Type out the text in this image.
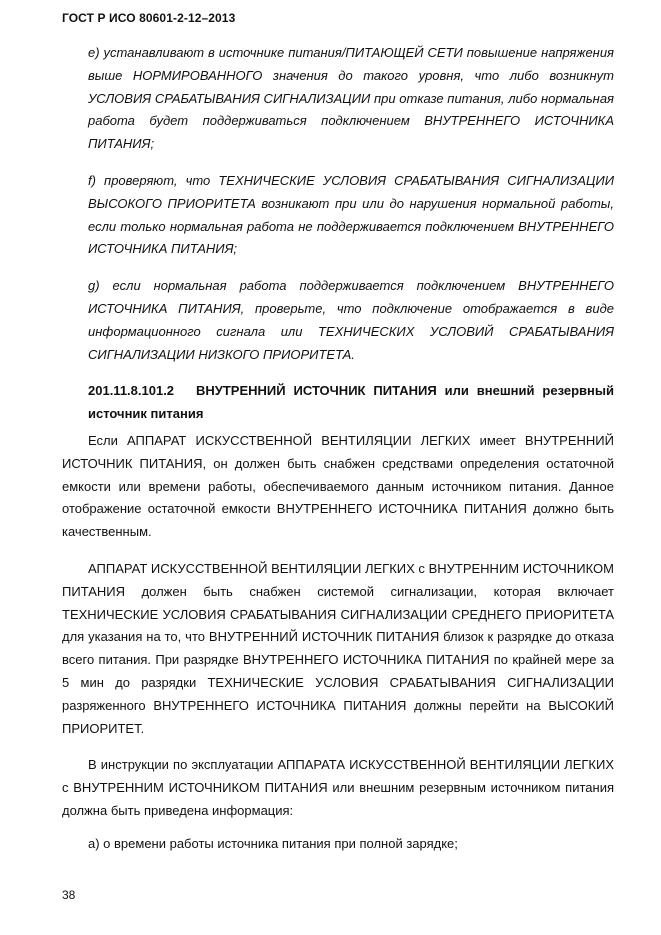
ГОСТ Р ИСО 80601-2-12–2013

e) устанавливают в источнике питания/ПИТАЮЩЕЙ СЕТИ повышение напряжения выше НОРМИРОВАННОГО значения до такого уровня, что либо возникнут УСЛОВИЯ СРАБАТЫВАНИЯ СИГНАЛИЗАЦИИ при отказе питания, либо нормальная работа будет поддерживаться подключением ВНУТРЕННЕГО ИСТОЧНИКА ПИТАНИЯ;

f) проверяют, что ТЕХНИЧЕСКИЕ УСЛОВИЯ СРАБАТЫВАНИЯ СИГНАЛИЗАЦИИ ВЫСОКОГО ПРИОРИТЕТА возникают при или до нарушения нормальной работы, если только нормальная работа не поддерживается подключением ВНУТРЕННЕГО ИСТОЧНИКА ПИТАНИЯ;

g) если нормальная работа поддерживается подключением ВНУТРЕННЕГО ИСТОЧНИКА ПИТАНИЯ, проверьте, что подключение отображается в виде информационного сигнала или ТЕХНИЧЕСКИХ УСЛОВИЙ СРАБАТЫВАНИЯ СИГНАЛИЗАЦИИ НИЗКОГО ПРИОРИТЕТА.

201.11.8.101.2 ВНУТРЕННИЙ ИСТОЧНИК ПИТАНИЯ или внешний резервный источник питания

Если АППАРАТ ИСКУССТВЕННОЙ ВЕНТИЛЯЦИИ ЛЕГКИХ имеет ВНУТРЕННИЙ ИСТОЧНИК ПИТАНИЯ, он должен быть снабжен средствами определения остаточной емкости или времени работы, обеспечиваемого данным источником питания. Данное отображение остаточной емкости ВНУТРЕННЕГО ИСТОЧНИКА ПИТАНИЯ должно быть качественным.

АППАРАТ ИСКУССТВЕННОЙ ВЕНТИЛЯЦИИ ЛЕГКИХ с ВНУТРЕННИМ ИСТОЧНИКОМ ПИТАНИЯ должен быть снабжен системой сигнализации, которая включает ТЕХНИЧЕСКИЕ УСЛОВИЯ СРАБАТЫВАНИЯ СИГНАЛИЗАЦИИ СРЕДНЕГО ПРИОРИТЕТА для указания на то, что ВНУТРЕННИЙ ИСТОЧНИК ПИТАНИЯ близок к разрядке до отказа всего питания. При разрядке ВНУТРЕННЕГО ИСТОЧНИКА ПИТАНИЯ по крайней мере за 5 мин до разрядки ТЕХНИЧЕСКИЕ УСЛОВИЯ СРАБАТЫВАНИЯ СИГНАЛИЗАЦИИ разряженного ВНУТРЕННЕГО ИСТОЧНИКА ПИТАНИЯ должны перейти на ВЫСОКИЙ ПРИОРИТЕТ.

В инструкции по эксплуатации АППАРАТА ИСКУССТВЕННОЙ ВЕНТИЛЯЦИИ ЛЕГКИХ с ВНУТРЕННИМ ИСТОЧНИКОМ ПИТАНИЯ или внешним резервным источником питания должна быть приведена информация:

а) о времени работы источника питания при полной зарядке;

38
